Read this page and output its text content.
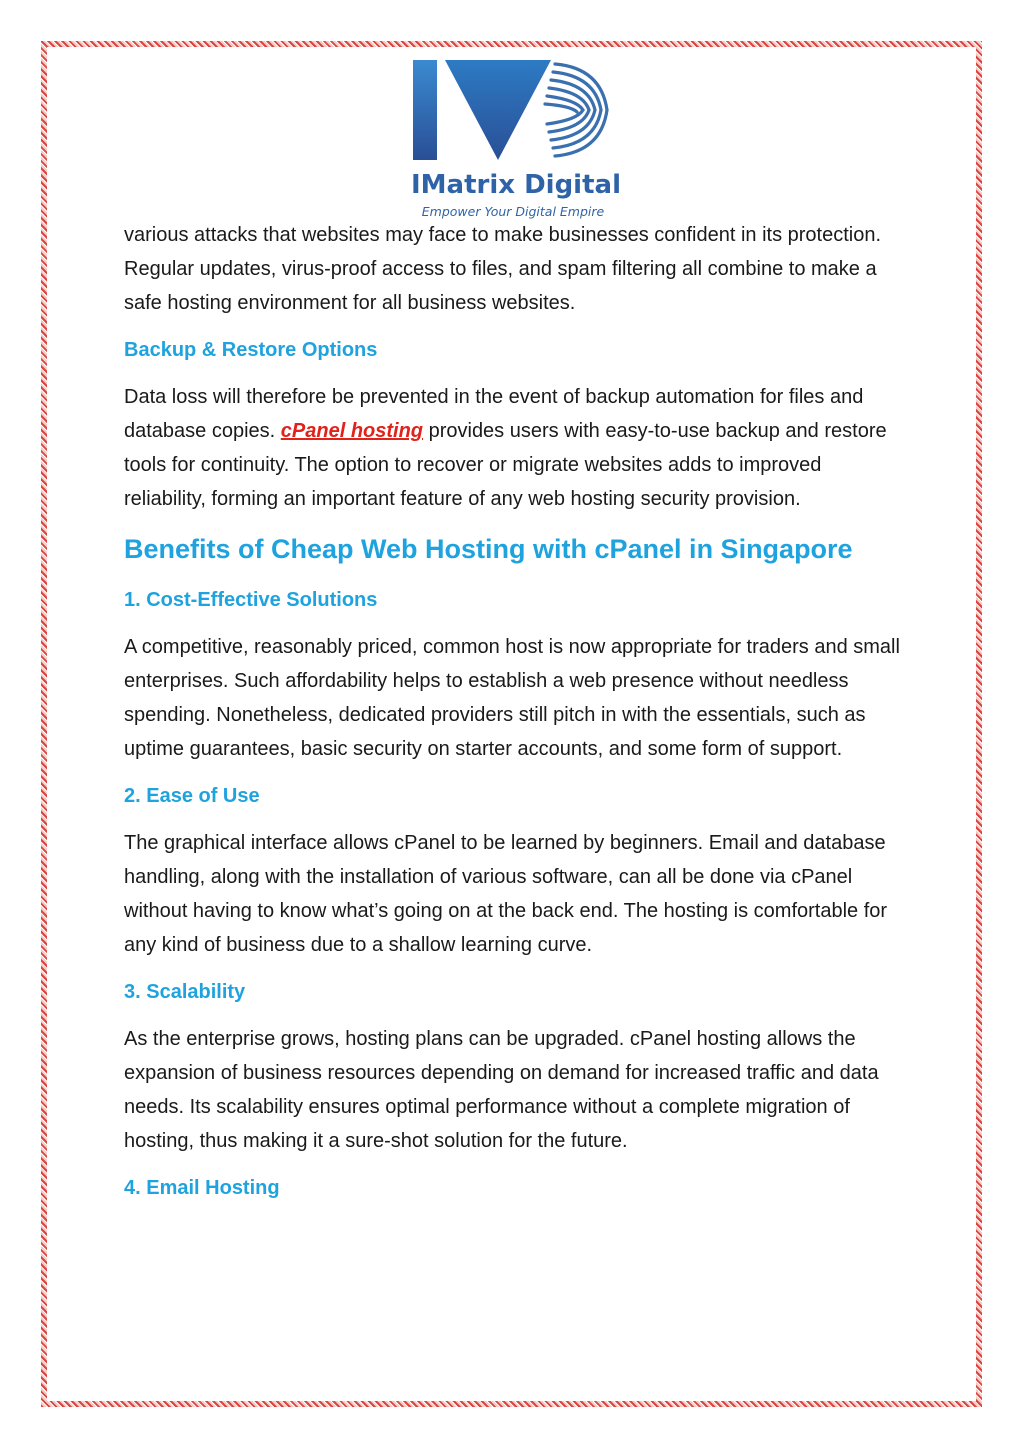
IMatrix Digital
Empower Your Digital Empire

various attacks that websites may face to make businesses confident in its protection. Regular updates, virus-proof access to files, and spam filtering all combine to make a safe hosting environment for all business websites.

Backup & Restore Options

Data loss will therefore be prevented in the event of backup automation for files and database copies. cPanel hosting provides users with easy-to-use backup and restore tools for continuity. The option to recover or migrate websites adds to improved reliability, forming an important feature of any web hosting security provision.

Benefits of Cheap Web Hosting with cPanel in Singapore
1. Cost-Effective Solutions

A competitive, reasonably priced, common host is now appropriate for traders and small enterprises. Such affordability helps to establish a web presence without needless spending. Nonetheless, dedicated providers still pitch in with the essentials, such as uptime guarantees, basic security on starter accounts, and some form of support.

2. Ease of Use

The graphical interface allows cPanel to be learned by beginners. Email and database handling, along with the installation of various software, can all be done via cPanel without having to know what’s going on at the back end. The hosting is comfortable for any kind of business due to a shallow learning curve.

3. Scalability

As the enterprise grows, hosting plans can be upgraded. cPanel hosting allows the expansion of business resources depending on demand for increased traffic and data needs. Its scalability ensures optimal performance without a complete migration of hosting, thus making it a sure-shot solution for the future.

4. Email Hosting
